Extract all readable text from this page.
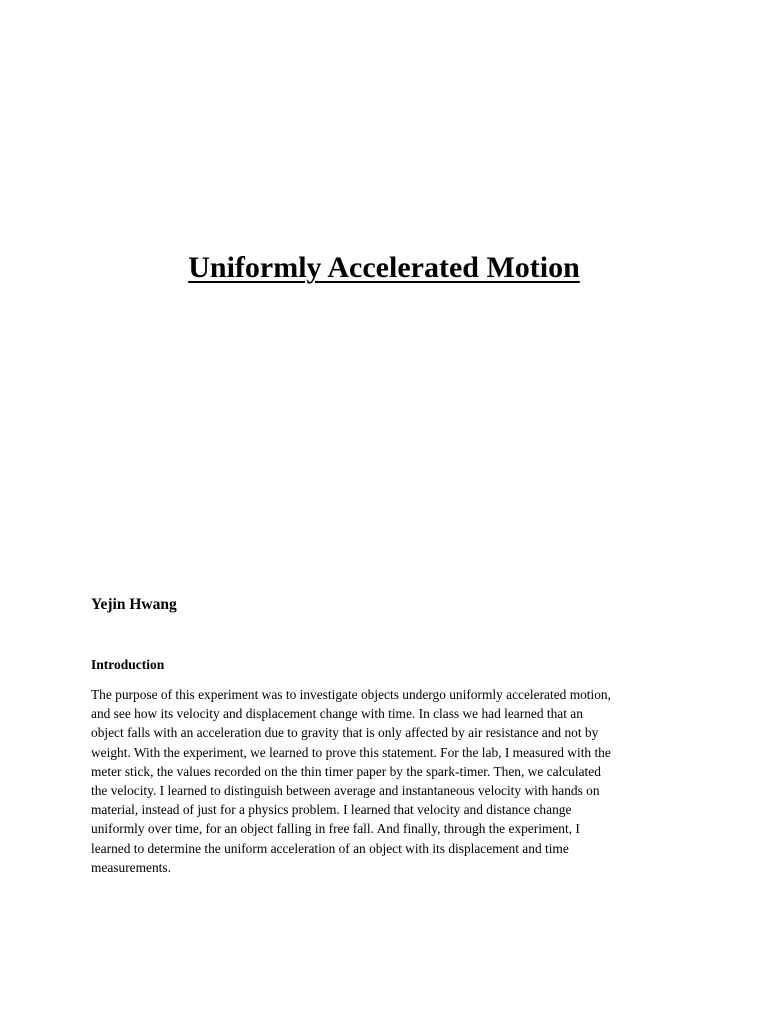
Uniformly Accelerated Motion

Yejin Hwang

Introduction

The purpose of this experiment was to investigate objects undergo uniformly accelerated motion,
and see how its velocity and displacement change with time. In class we had learned that an
object falls with an acceleration due to gravity that is only affected by air resistance and not by
weight. With the experiment, we learned to prove this statement. For the lab, I measured with the
meter stick, the values recorded on the thin timer paper by the spark-timer. Then, we calculated
the velocity. I learned to distinguish between average and instantaneous velocity with hands on
material, instead of just for a physics problem. I learned that velocity and distance change
uniformly over time, for an object falling in free fall. And finally, through the experiment, I
learned to determine the uniform acceleration of an object with its displacement and time
measurements.
